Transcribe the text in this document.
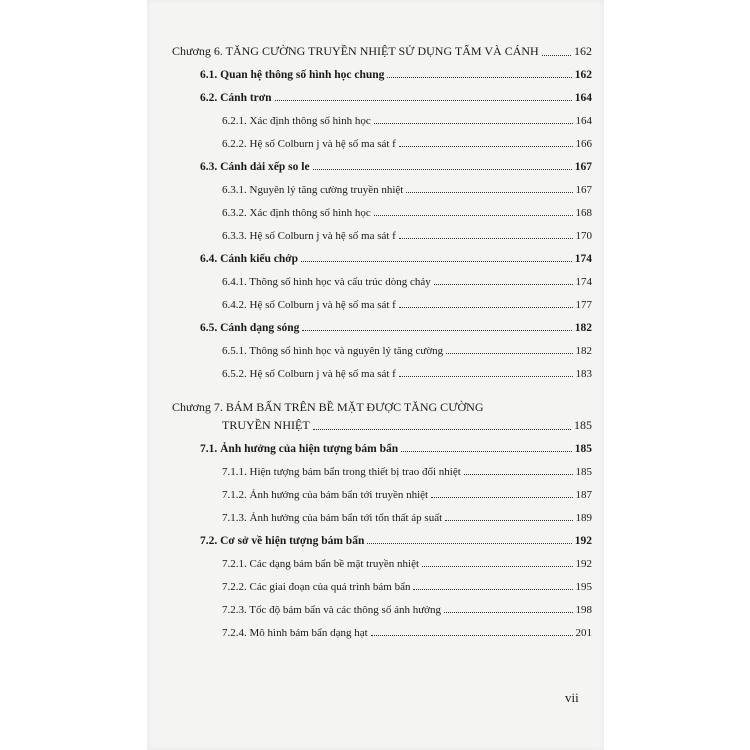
Chương 6. TĂNG CƯỜNG TRUYỀN NHIỆT SỬ DỤNG TẤM VÀ CÁNH	162
6.1. Quan hệ thông số hình học chung	162
6.2. Cánh trơn	164
6.2.1. Xác định thông số hình học	164
6.2.2. Hệ số Colburn j và hệ số ma sát f	166
6.3. Cánh dải xếp so le	167
6.3.1. Nguyên lý tăng cường truyền nhiệt	167
6.3.2. Xác định thông số hình học	168
6.3.3. Hệ số Colburn j và hệ số ma sát f	170
6.4. Cánh kiểu chớp	174
6.4.1. Thông số hình học và cấu trúc dòng chảy	174
6.4.2. Hệ số Colburn j và hệ số ma sát f	177
6.5. Cánh dạng sóng	182
6.5.1. Thông số hình học và nguyên lý tăng cường	182
6.5.2. Hệ số Colburn j và hệ số ma sát f	183
Chương 7. BÁM BẨN TRÊN BỀ MẶT ĐƯỢC TĂNG CƯỜNG
TRUYỀN NHIỆT	185
7.1. Ảnh hưởng của hiện tượng bám bẩn	185
7.1.1. Hiện tượng bám bẩn trong thiết bị trao đổi nhiệt	185
7.1.2. Ảnh hưởng của bám bẩn tới truyền nhiệt	187
7.1.3. Ảnh hưởng của bám bẩn tới tổn thất áp suất	189
7.2. Cơ sở về hiện tượng bám bẩn	192
7.2.1. Các dạng bám bẩn bề mặt truyền nhiệt	192
7.2.2. Các giai đoạn của quá trình bám bẩn	195
7.2.3. Tốc độ bám bẩn và các thông số ảnh hưởng	198
7.2.4. Mô hình bám bẩn dạng hạt	201
vii
